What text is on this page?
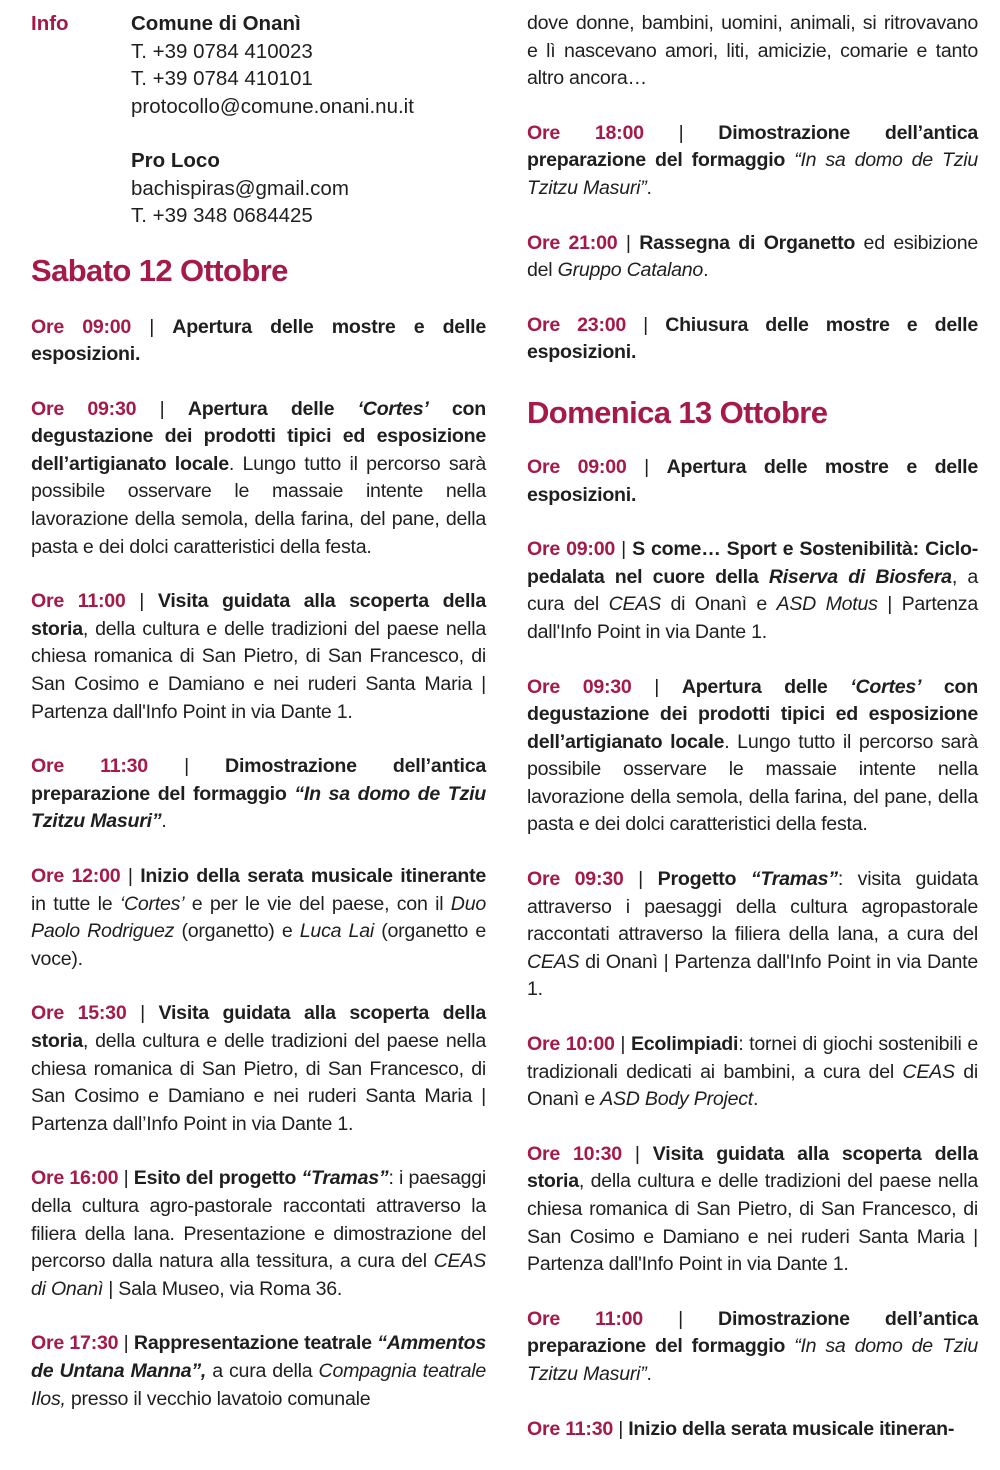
Info	Comune di Onanì
T. +39 0784 410023
T. +39 0784 410101
protocollo@comune.onani.nu.it
Pro Loco
bachispiras@gmail.com
T. +39 348 0684425
Sabato 12 Ottobre

Ore 09:00 | Apertura delle mostre e delle esposizioni.

Ore 09:30 | Apertura delle ‘Cortes’ con degustazione dei prodotti tipici ed esposizione dell’artigianato locale. Lungo tutto il percorso sarà possibile osservare le massaie intente nella lavorazione della semola, della farina, del pane, della pasta e dei dolci caratteristici della festa.

Ore 11:00 | Visita guidata alla scoperta della storia, della cultura e delle tradizioni del paese nella chiesa romanica di San Pietro, di San Francesco, di San Cosimo e Damiano e nei ruderi Santa Maria | Partenza dall'Info Point in via Dante 1.

Ore 11:30 | Dimostrazione dell’antica preparazione del formaggio “In sa domo de Tziu Tzitzu Masuri”.

Ore 12:00 | Inizio della serata musicale itinerante in tutte le ‘Cortes’ e per le vie del paese, con il Duo Paolo Rodriguez (organetto) e Luca Lai (organetto e voce).

Ore 15:30 | Visita guidata alla scoperta della storia, della cultura e delle tradizioni del paese nella chiesa romanica di San Pietro, di San Francesco, di San Cosimo e Damiano e nei ruderi Santa Maria | Partenza dall’Info Point in via Dante 1.

Ore 16:00 | Esito del progetto “Tramas”: i paesaggi della cultura agro-pastorale raccontati attraverso la filiera della lana. Presentazione e dimostrazione del percorso dalla natura alla tessitura, a cura del CEAS di Onanì | Sala Museo, via Roma 36.

Ore 17:30 | Rappresentazione teatrale “Ammentos de Untana Manna”, a cura della Compagnia teatrale Ilos, presso il vecchio lavatoio comunale

dove donne, bambini, uomini, animali, si ritrovavano e lì nascevano amori, liti, amicizie, comarie e tanto altro ancora…

Ore 18:00 | Dimostrazione dell’antica preparazione del formaggio “In sa domo de Tziu Tzitzu Masuri”.

Ore 21:00 | Rassegna di Organetto ed esibizione del Gruppo Catalano.

Ore 23:00 | Chiusura delle mostre e delle esposizioni.

Domenica 13 Ottobre

Ore 09:00 | Apertura delle mostre e delle esposizioni.

Ore 09:00 | S come… Sport e Sostenibilità: Ciclo-pedalata nel cuore della Riserva di Biosfera, a cura del CEAS di Onanì e ASD Motus | Partenza dall'Info Point in via Dante 1.

Ore 09:30 | Apertura delle ‘Cortes’ con degustazione dei prodotti tipici ed esposizione dell’artigianato locale. Lungo tutto il percorso sarà possibile osservare le massaie intente nella lavorazione della semola, della farina, del pane, della pasta e dei dolci caratteristici della festa.

Ore 09:30 | Progetto “Tramas”: visita guidata attraverso i paesaggi della cultura agropastorale raccontati attraverso la filiera della lana, a cura del CEAS di Onanì | Partenza dall'Info Point in via Dante 1.

Ore 10:00 | Ecolimpiadi: tornei di giochi sostenibili e tradizionali dedicati ai bambini, a cura del CEAS di Onanì e ASD Body Project.

Ore 10:30 | Visita guidata alla scoperta della storia, della cultura e delle tradizioni del paese nella chiesa romanica di San Pietro, di San Francesco, di San Cosimo e Damiano e nei ruderi Santa Maria | Partenza dall'Info Point in via Dante 1.

Ore 11:00 | Dimostrazione dell’antica preparazione del formaggio “In sa domo de Tziu Tzitzu Masuri”.

Ore 11:30 | Inizio della serata musicale itineran-
